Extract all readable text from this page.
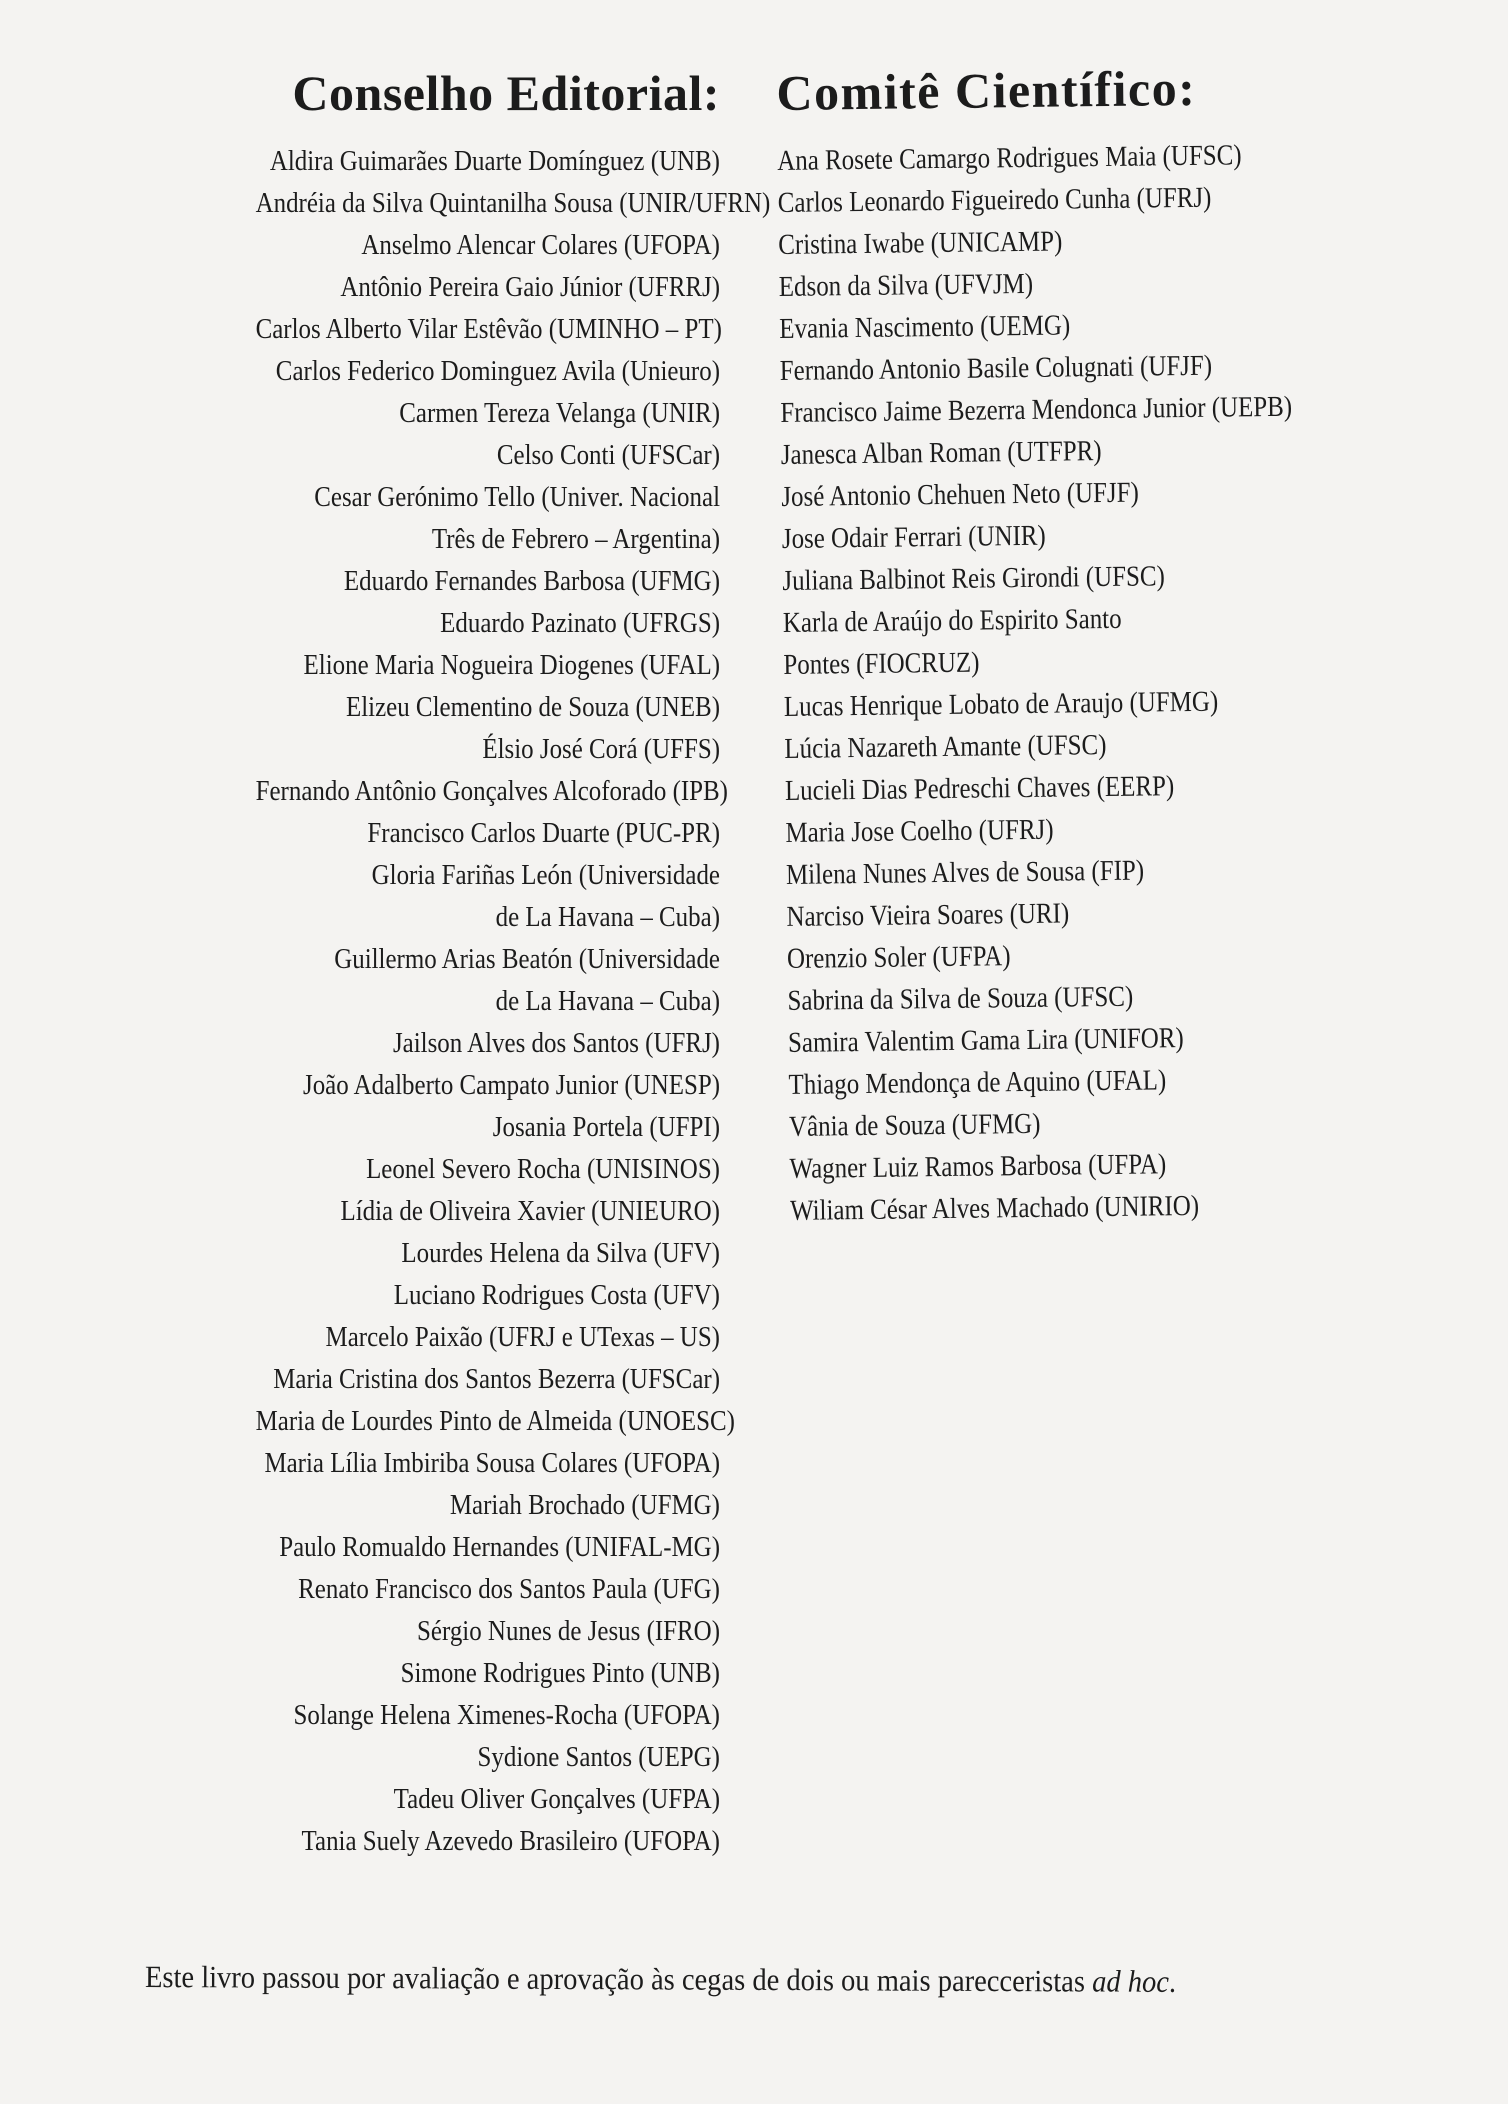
Conselho Editorial:
Aldira Guimarães Duarte Domínguez (UNB)
Andréia da Silva Quintanilha Sousa (UNIR/UFRN)
Anselmo Alencar Colares (UFOPA)
Antônio Pereira Gaio Júnior (UFRRJ)
Carlos Alberto Vilar Estêvão (UMINHO – PT)
Carlos Federico Dominguez Avila (Unieuro)
Carmen Tereza Velanga (UNIR)
Celso Conti (UFSCar)
Cesar Gerónimo Tello (Univer. Nacional
Três de Febrero – Argentina)
Eduardo Fernandes Barbosa (UFMG)
Eduardo Pazinato (UFRGS)
Elione Maria Nogueira Diogenes (UFAL)
Elizeu Clementino de Souza (UNEB)
Élsio José Corá (UFFS)
Fernando Antônio Gonçalves Alcoforado (IPB)
Francisco Carlos Duarte (PUC-PR)
Gloria Fariñas León (Universidade
de La Havana – Cuba)
Guillermo Arias Beatón (Universidade
de La Havana – Cuba)
Jailson Alves dos Santos (UFRJ)
João Adalberto Campato Junior (UNESP)
Josania Portela (UFPI)
Leonel Severo Rocha (UNISINOS)
Lídia de Oliveira Xavier (UNIEURO)
Lourdes Helena da Silva (UFV)
Luciano Rodrigues Costa (UFV)
Marcelo Paixão (UFRJ e UTexas – US)
Maria Cristina dos Santos Bezerra (UFSCar)
Maria de Lourdes Pinto de Almeida (UNOESC)
Maria Lília Imbiriba Sousa Colares (UFOPA)
Mariah Brochado (UFMG)
Paulo Romualdo Hernandes (UNIFAL-MG)
Renato Francisco dos Santos Paula (UFG)
Sérgio Nunes de Jesus (IFRO)
Simone Rodrigues Pinto (UNB)
Solange Helena Ximenes-Rocha (UFOPA)
Sydione Santos (UEPG)
Tadeu Oliver Gonçalves (UFPA)
Tania Suely Azevedo Brasileiro (UFOPA)
Comitê Científico:
Ana Rosete Camargo Rodrigues Maia (UFSC)
Carlos Leonardo Figueiredo Cunha (UFRJ)
Cristina Iwabe (UNICAMP)
Edson da Silva (UFVJM)
Evania Nascimento (UEMG)
Fernando Antonio Basile Colugnati (UFJF)
Francisco Jaime Bezerra Mendonca Junior (UEPB)
Janesca Alban Roman (UTFPR)
José Antonio Chehuen Neto (UFJF)
Jose Odair Ferrari (UNIR)
Juliana Balbinot Reis Girondi (UFSC)
Karla de Araújo do Espirito Santo
Pontes (FIOCRUZ)
Lucas Henrique Lobato de Araujo (UFMG)
Lúcia Nazareth Amante (UFSC)
Lucieli Dias Pedreschi Chaves (EERP)
Maria Jose Coelho (UFRJ)
Milena Nunes Alves de Sousa (FIP)
Narciso Vieira Soares (URI)
Orenzio Soler (UFPA)
Sabrina da Silva de Souza (UFSC)
Samira Valentim Gama Lira (UNIFOR)
Thiago Mendonça de Aquino (UFAL)
Vânia de Souza (UFMG)
Wagner Luiz Ramos Barbosa (UFPA)
Wiliam César Alves Machado (UNIRIO)

Este livro passou por avaliação e aprovação às cegas de dois ou mais parecceristas ad hoc.
